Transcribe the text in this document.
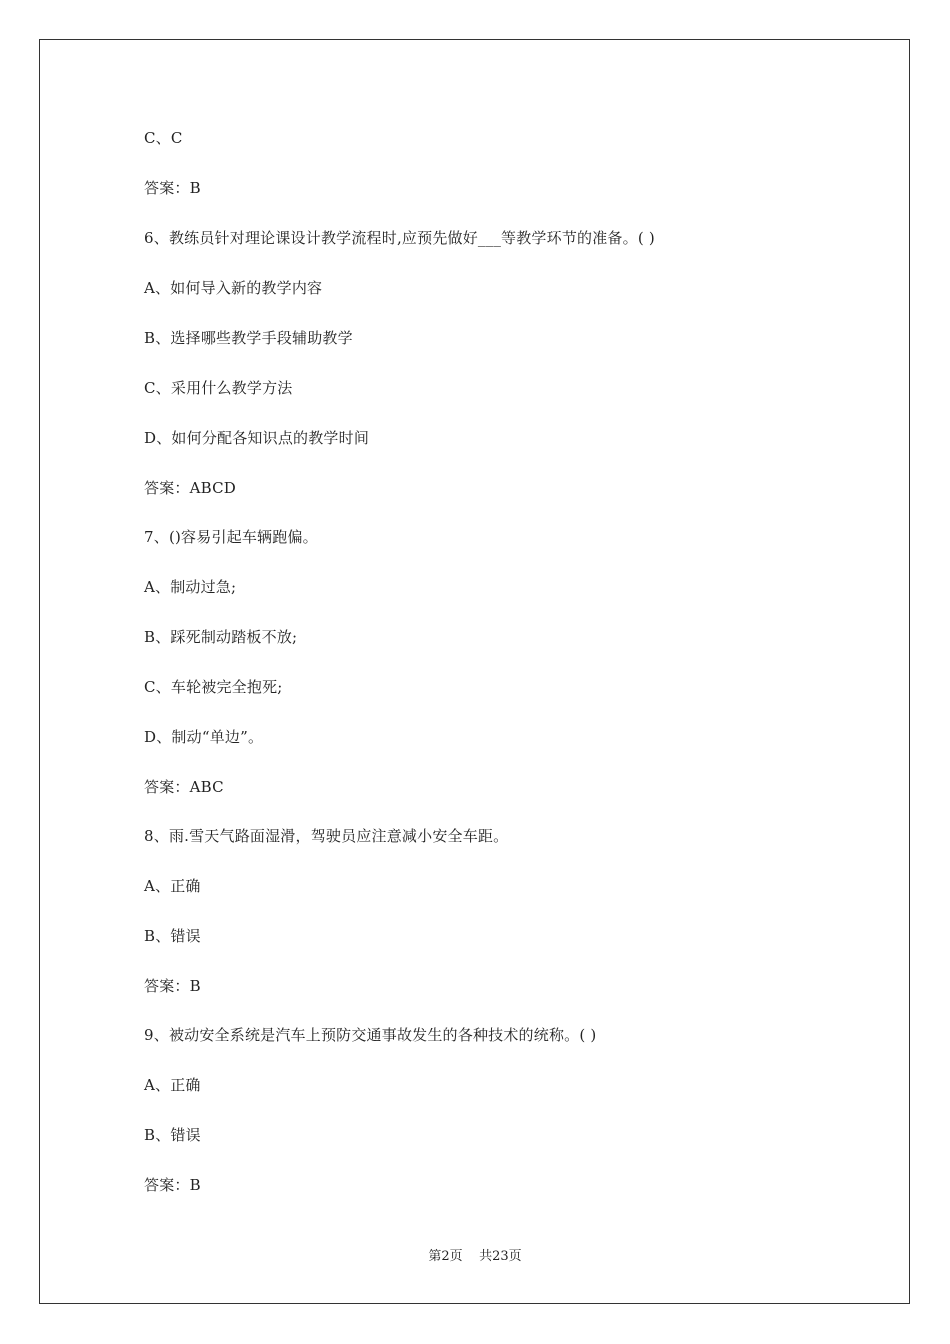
C、C
答案：B
6、教练员针对理论课设计教学流程时,应预先做好___等教学环节的准备。( )
A、如何导入新的教学内容
B、选择哪些教学手段辅助教学
C、采用什么教学方法
D、如何分配各知识点的教学时间
答案：ABCD
7、()容易引起车辆跑偏。
A、制动过急;
B、踩死制动踏板不放;
C、车轮被完全抱死;
D、制动“单边”。
答案：ABC
8、雨.雪天气路面湿滑，驾驶员应注意减小安全车距。
A、正确
B、错误
答案：B
9、被动安全系统是汽车上预防交通事故发生的各种技术的统称。( )
A、正确
B、错误
答案：B
第2页 共23页
